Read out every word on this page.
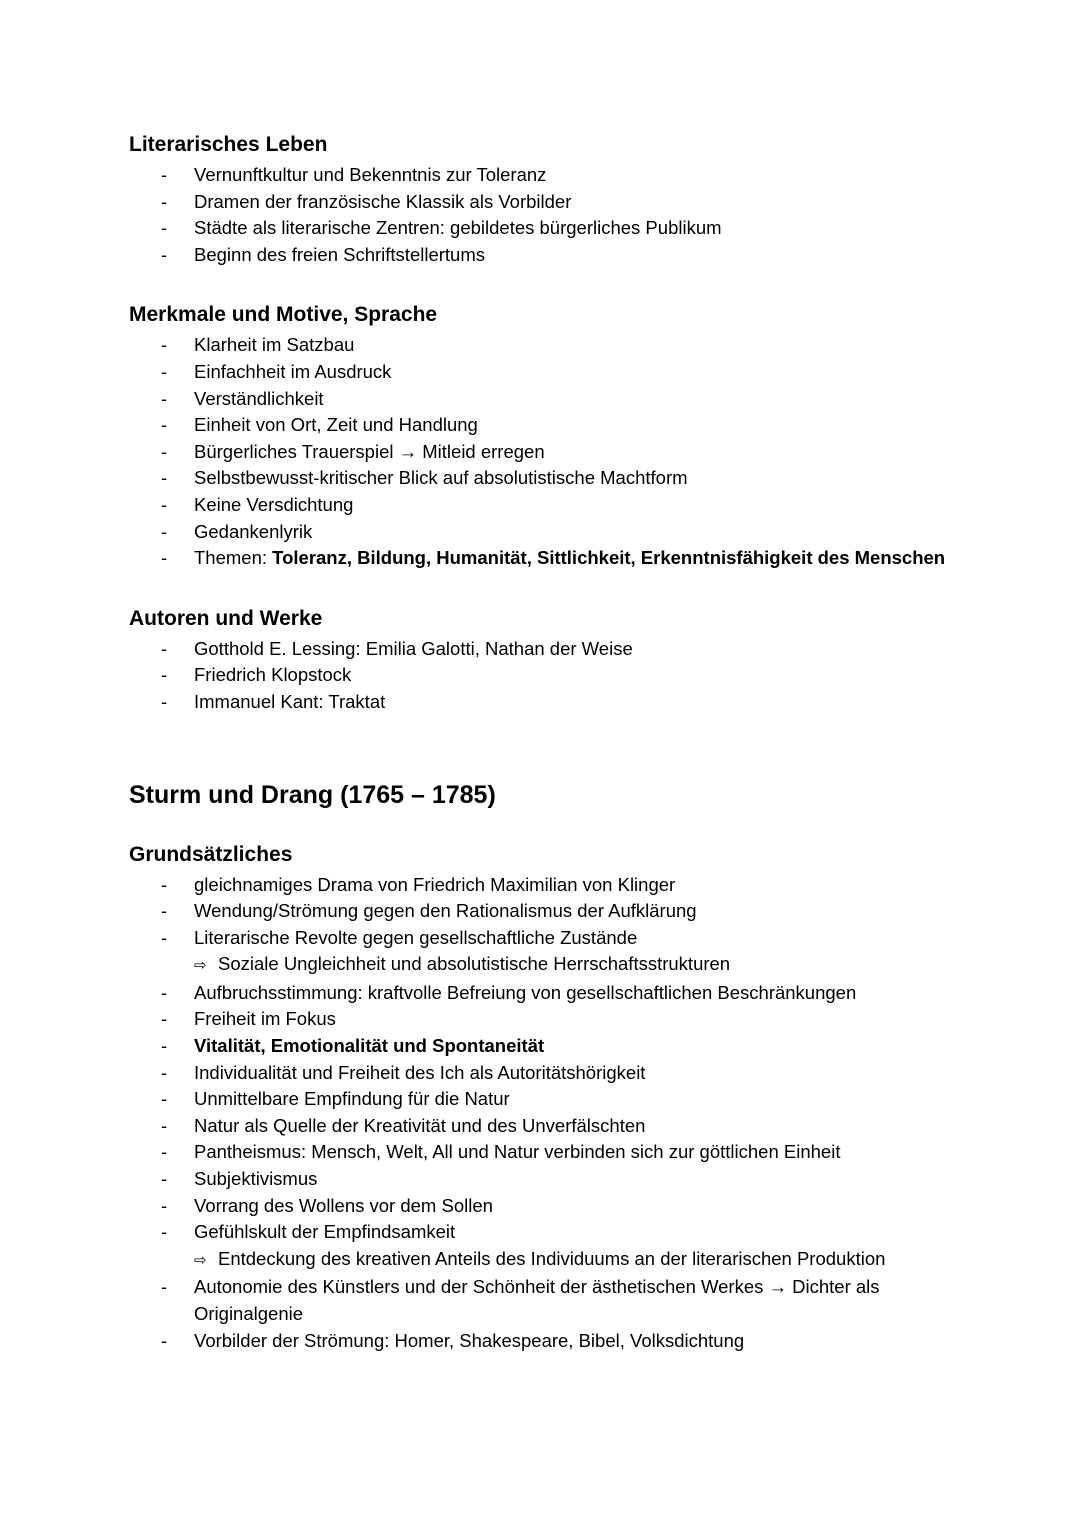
Literarisches Leben
- Vernunftkultur und Bekenntnis zur Toleranz
- Dramen der französische Klassik als Vorbilder
- Städte als literarische Zentren: gebildetes bürgerliches Publikum
- Beginn des freien Schriftstellertums
Merkmale und Motive, Sprache
- Klarheit im Satzbau
- Einfachheit im Ausdruck
- Verständlichkeit
- Einheit von Ort, Zeit und Handlung
- Bürgerliches Trauerspiel → Mitleid erregen
- Selbstbewusst-kritischer Blick auf absolutistische Machtform
- Keine Versdichtung
- Gedankenlyrik
- Themen: Toleranz, Bildung, Humanität, Sittlichkeit, Erkenntnisfähigkeit des Menschen
Autoren und Werke
- Gotthold E. Lessing: Emilia Galotti, Nathan der Weise
- Friedrich Klopstock
- Immanuel Kant: Traktat
Sturm und Drang (1765 – 1785)
Grundsätzliches
- gleichnamiges Drama von Friedrich Maximilian von Klinger
- Wendung/Strömung gegen den Rationalismus der Aufklärung
- Literarische Revolte gegen gesellschaftliche Zustände
⇨ Soziale Ungleichheit und absolutistische Herrschaftsstrukturen
- Aufbruchsstimmung: kraftvolle Befreiung von gesellschaftlichen Beschränkungen
- Freiheit im Fokus
- Vitalität, Emotionalität und Spontaneität
- Individualität und Freiheit des Ich als Autoritätshörigkeit
- Unmittelbare Empfindung für die Natur
- Natur als Quelle der Kreativität und des Unverfälschten
- Pantheismus: Mensch, Welt, All und Natur verbinden sich zur göttlichen Einheit
- Subjektivismus
- Vorrang des Wollens vor dem Sollen
- Gefühlskult der Empfindsamkeit
⇨ Entdeckung des kreativen Anteils des Individuums an der literarischen Produktion
- Autonomie des Künstlers und der Schönheit der ästhetischen Werkes → Dichter als Originalgenie
- Vorbilder der Strömung: Homer, Shakespeare, Bibel, Volksdichtung
